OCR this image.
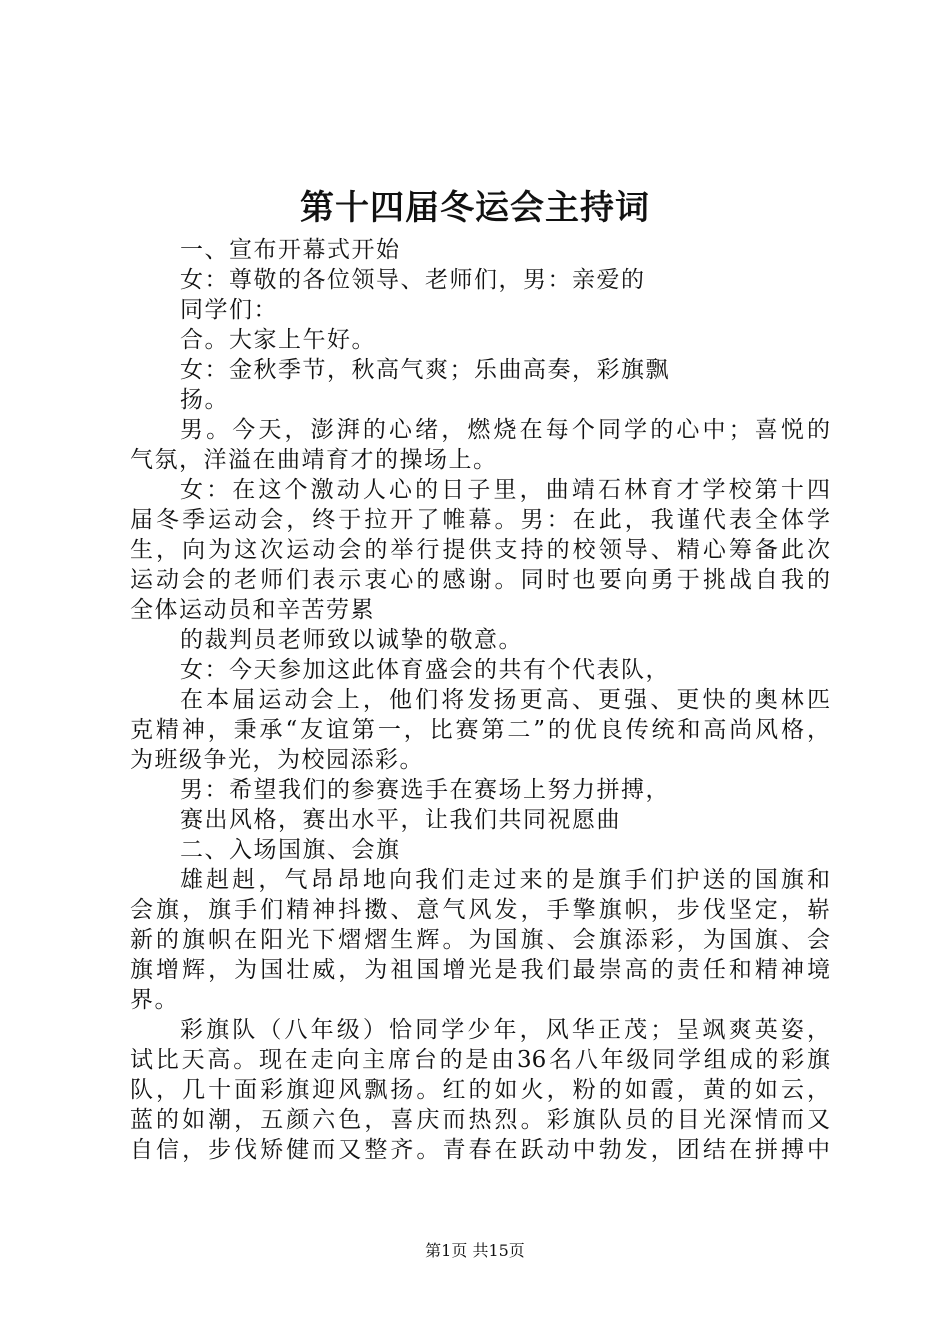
第十四届冬运会主持词
一、宣布开幕式开始
女：尊敬的各位领导、老师们，男：亲爱的
同学们：
合。大家上午好。
女：金秋季节，秋高气爽；乐曲高奏，彩旗飘
扬。
男。今天，澎湃的心绪，燃烧在每个同学的心中；喜悦的
气氛，洋溢在曲靖育才的操场上。
女：在这个激动人心的日子里，曲靖石林育才学校第十四
届冬季运动会，终于拉开了帷幕。男：在此，我谨代表全体学
生，向为这次运动会的举行提供支持的校领导、精心筹备此次
运动会的老师们表示衷心的感谢。同时也要向勇于挑战自我的
全体运动员和辛苦劳累
的裁判员老师致以诚挚的敬意。
女：今天参加这此体育盛会的共有个代表队，
在本届运动会上，他们将发扬更高、更强、更快的奥林匹
克精神，秉承“友谊第一，比赛第二”的优良传统和高尚风格，
为班级争光，为校园添彩。
男：希望我们的参赛选手在赛场上努力拼搏，
赛出风格，赛出水平，让我们共同祝愿曲
二、入场国旗、会旗
雄赳赳，气昂昂地向我们走过来的是旗手们护送的国旗和
会旗，旗手们精神抖擞、意气风发，手擎旗帜，步伐坚定，崭
新的旗帜在阳光下熠熠生辉。为国旗、会旗添彩，为国旗、会
旗增辉，为国壮威，为祖国增光是我们最崇高的责任和精神境
界。
彩旗队（八年级）恰同学少年，风华正茂；呈飒爽英姿，
试比天高。现在走向主席台的是由36名八年级同学组成的彩旗
队，几十面彩旗迎风飘扬。红的如火，粉的如霞，黄的如云，
蓝的如潮，五颜六色，喜庆而热烈。彩旗队员的目光深情而又
自信，步伐矫健而又整齐。青春在跃动中勃发，团结在拼搏中
第1页 共15页
